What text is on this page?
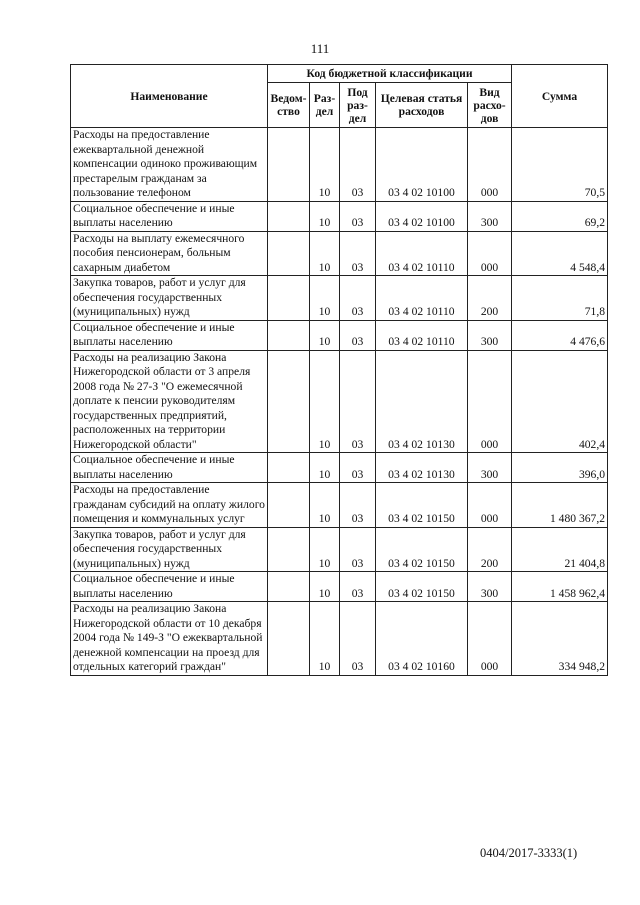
111
Наименование	Код бюджетной классификации					Сумма
	Ведом-ство	Раз-дел	Под раз-дел	Целевая статья расходов	Вид расхо-дов	
Расходы на предоставление ежеквартальной денежной компенсации одиноко проживающим престарелым гражданам за пользование телефоном		10	03	03 4 02 10100	000	70,5
Социальное обеспечение и иные выплаты населению		10	03	03 4 02 10100	300	69,2
Расходы на выплату ежемесячного пособия пенсионерам, больным сахарным диабетом		10	03	03 4 02 10110	000	4 548,4
Закупка товаров, работ и услуг для обеспечения государственных (муниципальных) нужд		10	03	03 4 02 10110	200	71,8
Социальное обеспечение и иные выплаты населению		10	03	03 4 02 10110	300	4 476,6
Расходы на реализацию Закона Нижегородской области от 3 апреля 2008 года № 27-З "О ежемесячной доплате к пенсии руководителям государственных предприятий, расположенных на территории Нижегородской области"		10	03	03 4 02 10130	000	402,4
Социальное обеспечение и иные выплаты населению		10	03	03 4 02 10130	300	396,0
Расходы на предоставление гражданам субсидий на оплату жилого помещения и коммунальных услуг		10	03	03 4 02 10150	000	1 480 367,2
Закупка товаров, работ и услуг для обеспечения государственных (муниципальных) нужд		10	03	03 4 02 10150	200	21 404,8
Социальное обеспечение и иные выплаты населению		10	03	03 4 02 10150	300	1 458 962,4
Расходы на реализацию Закона Нижегородской области от 10 декабря 2004 года № 149-З "О ежеквартальной денежной компенсации на проезд для отдельных категорий граждан"		10	03	03 4 02 10160	000	334 948,2
0404/2017-3333(1)
